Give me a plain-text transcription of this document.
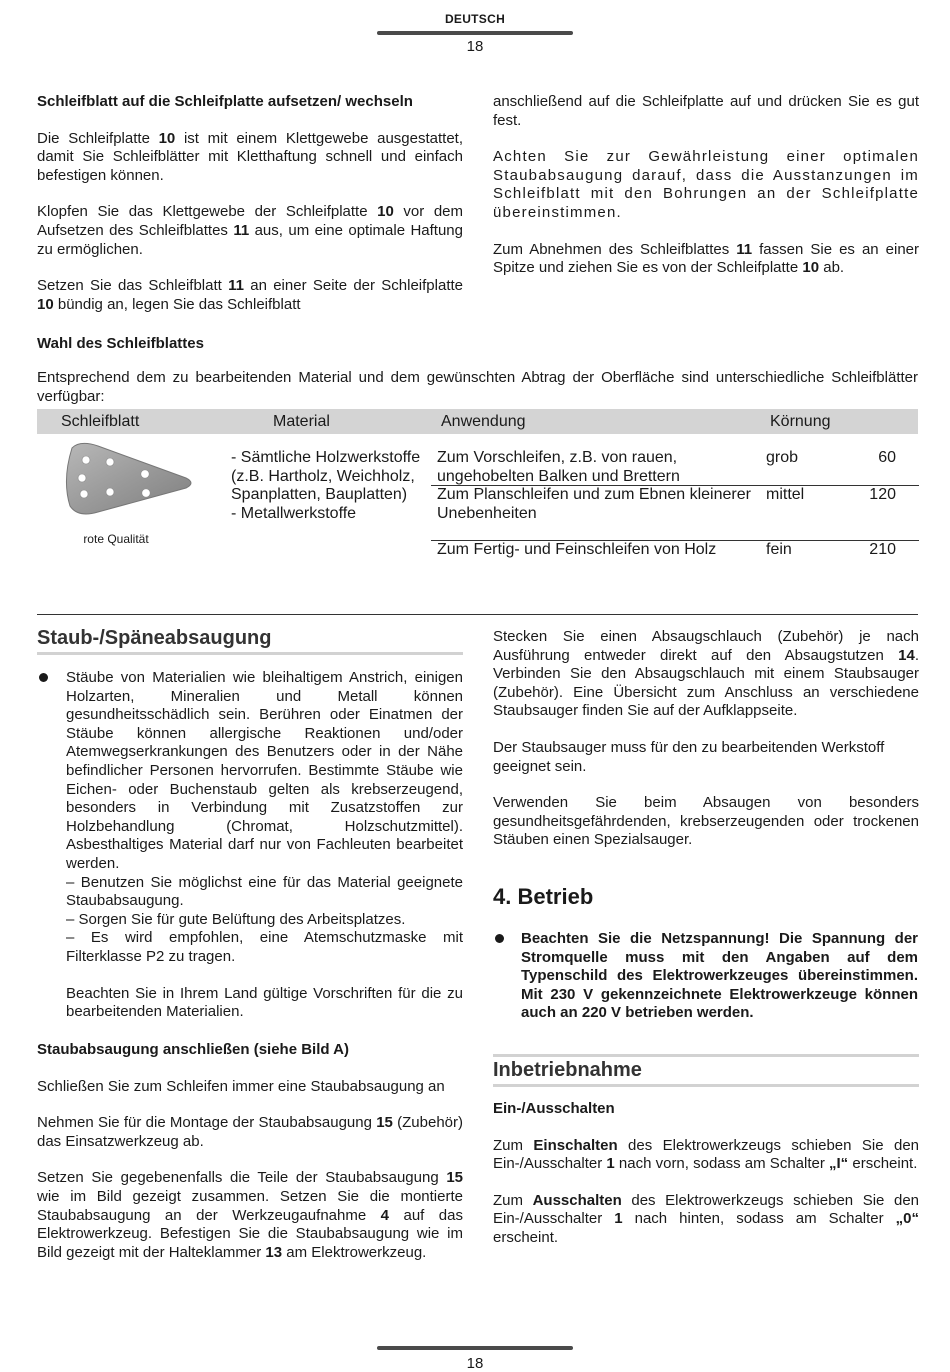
DEUTSCH
18

Schleifblatt auf die Schleifplatte aufsetzen/ wechseln

Die Schleifplatte 10 ist mit einem Klettgewebe ausgestattet, damit Sie Schleifblätter mit Kletthaftung schnell und einfach befestigen können.

Klopfen Sie das Klettgewebe der Schleifplatte 10 vor dem Aufsetzen des Schleifblattes 11 aus, um eine optimale Haftung zu ermöglichen.

Setzen Sie das Schleifblatt 11 an einer Seite der Schleifplatte 10 bündig an, legen Sie das Schleifblatt

anschließend auf die Schleifplatte auf und drücken Sie es gut fest.

Achten Sie zur Gewährleistung einer optimalen Staubabsaugung darauf, dass die Ausstanzungen im Schleifblatt mit den Bohrungen an der Schleifplatte übereinstimmen.

Zum Abnehmen des Schleifblattes 11 fassen Sie es an einer Spitze und ziehen Sie es von der Schleifplatte 10 ab.

Wahl des Schleifblattes
Entsprechend dem zu bearbeitenden Material und dem gewünschten Abtrag der Oberfläche sind unterschiedliche Schleifblätter verfügbar:
Schleifblatt	Material	Anwendung	Körnung
rote Qualität
- Sämtliche Holzwerkstoffe (z.B. Hartholz, Weichholz, Spanplatten, Bauplatten)
- Metallwerkstoffe
Zum Vorschleifen, z.B. von rauen, ungehobelten Balken und Brettern
grob	60
Zum Planschleifen und zum Ebnen kleinerer Unebenheiten
mittel	120
Zum Fertig- und Feinschleifen von Holz	fein	210
Staub-/Späneabsaugung

Stäube von Materialien wie bleihaltigem Anstrich, einigen Holzarten, Mineralien und Metall können gesundheitsschädlich sein. Berühren oder Einatmen der Stäube können allergische Reaktionen und/oder Atemwegserkrankungen des Benutzers oder in der Nähe befindlicher Personen hervorrufen. Bestimmte Stäube wie Eichen- oder Buchenstaub gelten als krebserzeugend, besonders in Verbindung mit Zusatzstoffen zur Holzbehandlung (Chromat, Holzschutzmittel). Asbesthaltiges Material darf nur von Fachleuten bearbeitet werden.

– Benutzen Sie möglichst eine für das Material geeignete Staubabsaugung.

– Sorgen Sie für gute Belüftung des Arbeitsplatzes.

– Es wird empfohlen, eine Atemschutzmaske mit Filterklasse P2 zu tragen.

Beachten Sie in Ihrem Land gültige Vorschriften für die zu bearbeitenden Materialien.

Staubabsaugung anschließen (siehe Bild A)

Schließen Sie zum Schleifen immer eine Staubabsaugung an

Nehmen Sie für die Montage der Staubabsaugung 15 (Zubehör) das Einsatzwerkzeug ab.

Setzen Sie gegebenenfalls die Teile der Staubabsaugung 15 wie im Bild gezeigt zusammen. Setzen Sie die montierte Staubabsaugung an der Werkzeugaufnahme 4 auf das Elektrowerkzeug. Befestigen Sie die Staubabsaugung wie im Bild gezeigt mit der Halteklammer 13 am Elektrowerkzeug.

Stecken Sie einen Absaugschlauch (Zubehör) je nach Ausführung entweder direkt auf den Absaugstutzen 14. Verbinden Sie den Absaugschlauch mit einem Staubsauger (Zubehör). Eine Übersicht zum Anschluss an verschiedene Staubsauger finden Sie auf der Aufklappseite.

Der Staubsauger muss für den zu bearbeitenden Werkstoff geeignet sein.

Verwenden Sie beim Absaugen von besonders gesundheitsgefährdenden, krebserzeugenden oder trockenen Stäuben einen Spezialsauger.

4. Betrieb
Beachten Sie die Netzspannung! Die Spannung der Stromquelle muss mit den Angaben auf dem Typenschild des Elektrowerkzeuges übereinstimmen. Mit 230 V gekennzeichnete Elektrowerkzeuge können auch an 220 V betrieben werden.
Inbetriebnahme

Ein-/Ausschalten

Zum Einschalten des Elektrowerkzeugs schieben Sie den Ein-/Ausschalter 1 nach vorn, sodass am Schalter „I“ erscheint.

Zum Ausschalten des Elektrowerkzeugs schieben Sie den Ein-/Ausschalter 1 nach hinten, sodass am Schalter „0“ erscheint.

18
